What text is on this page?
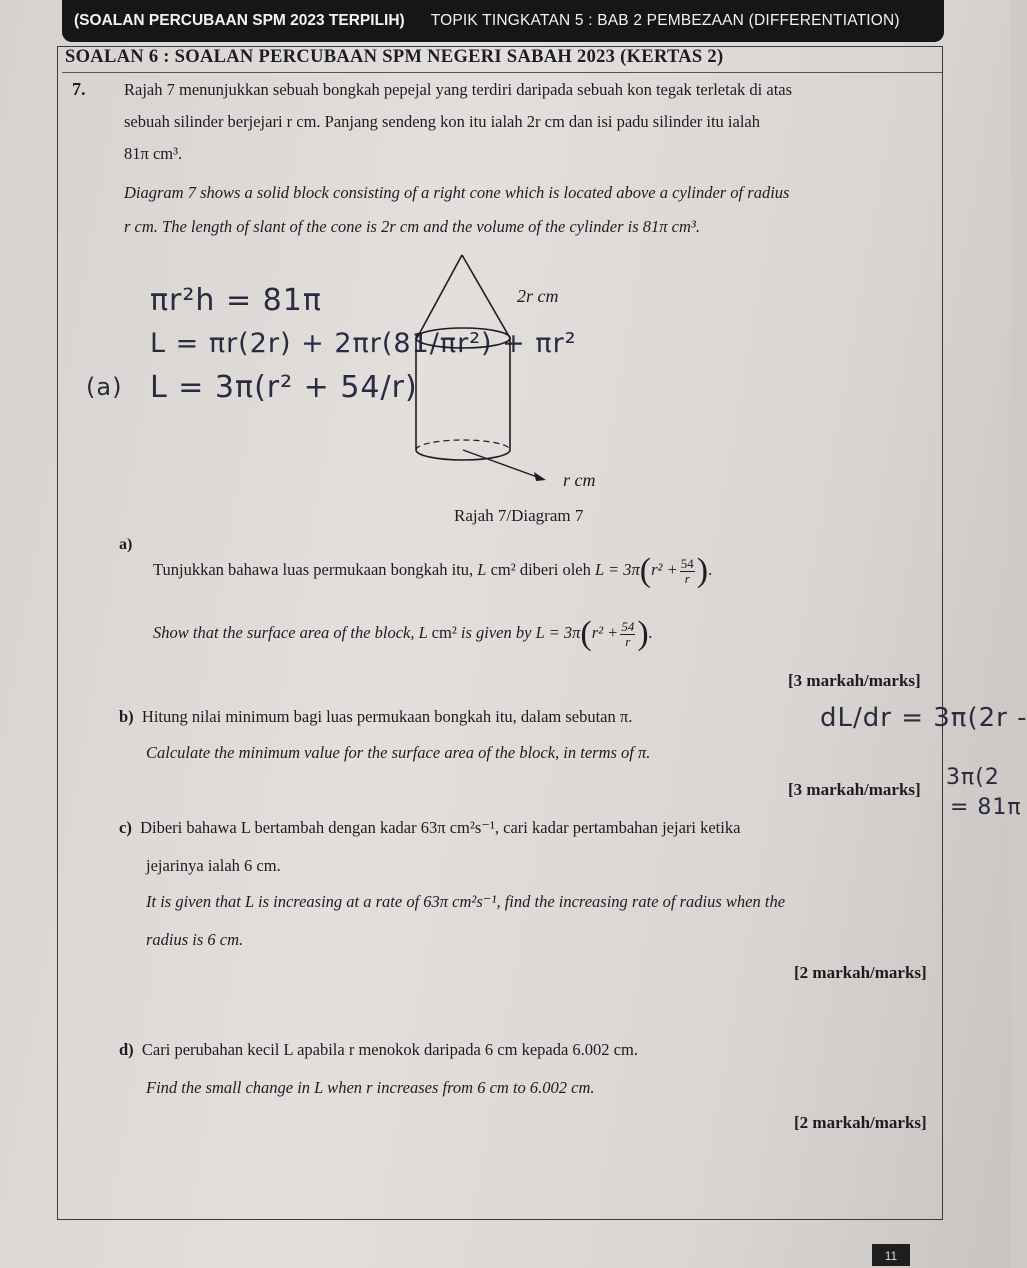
(SOALAN PERCUBAAN SPM 2023 TERPILIH) TOPIK TINGKATAN 5 : BAB 2 PEMBEZAAN (DIFFERENTIATION)
SOALAN 6 : SOALAN PERCUBAAN SPM NEGERI SABAH 2023 (KERTAS 2)
7. Rajah 7 menunjukkan sebuah bongkah pepejal yang terdiri daripada sebuah kon tegak terletak di atas
sebuah silinder berjejari r cm. Panjang sendeng kon itu ialah 2r cm dan isi padu silinder itu ialah
81π cm³.
Diagram 7 shows a solid block consisting of a right cone which is located above a cylinder of radius
r cm. The length of slant of the cone is 2r cm and the volume of the cylinder is 81π cm³.
πr²h = 81π
L = πr(2r) + 2πr(81/πr²) + πr²
(a) L = 3π(r² + 54/r)
2r cm
r cm
Rajah 7/Diagram 7
a)
Tunjukkan bahawa luas permukaan bongkah itu, L cm² diberi oleh $L = 3\pi(r^2 + \frac{54}{r}$ ).
Show that the surface area of the block, L cm² is given by $L = 3\pi(r^2 + \frac{54}{r}$ ).
[3 markah/marks]
b) Hitung nilai minimum bagi luas permukaan bongkah itu, dalam sebutan π.
Calculate the minimum value for the surface area of the block, in terms of π.
[3 markah/marks]
dL/dr = 3π(2r -
3π(2
= 81π
c) Diberi bahawa L bertambah dengan kadar 63π cm²s⁻¹, cari kadar pertambahan jejari ketika
jejarinya ialah 6 cm.
It is given that L is increasing at a rate of 63π cm²s⁻¹, find the increasing rate of radius when the
radius is 6 cm.
[2 markah/marks]
d) Cari perubahan kecil L apabila r menokok daripada 6 cm kepada 6.002 cm.
Find the small change in L when r increases from 6 cm to 6.002 cm.
[2 markah/marks]
11
